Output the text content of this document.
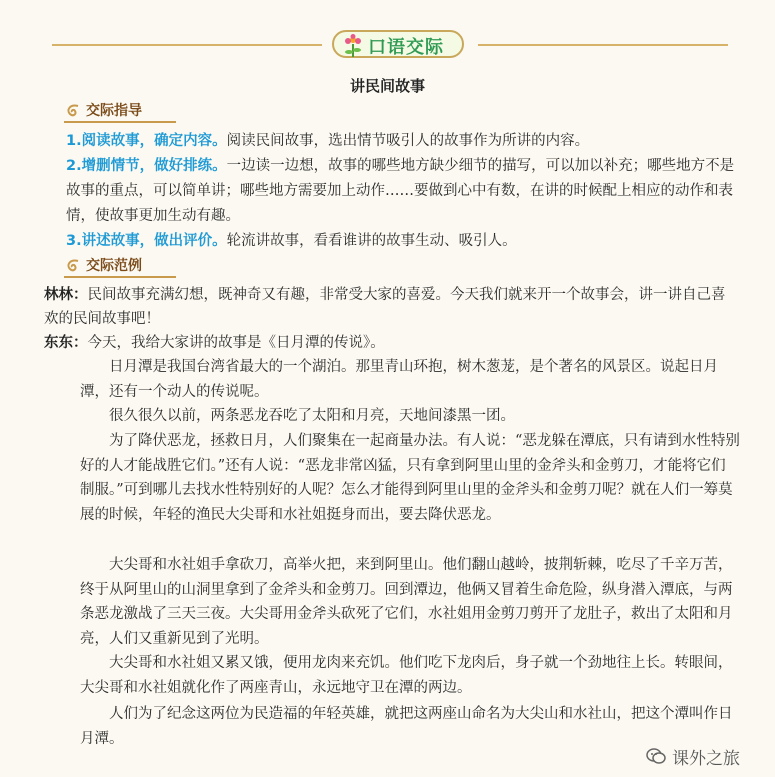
口语交际
讲民间故事
交际指导
1.阅读故事，确定内容。阅读民间故事，选出情节吸引人的故事作为所讲的内容。
2.增删情节，做好排练。一边读一边想，故事的哪些地方缺少细节的描写，可以加以补充；哪些地方不是故事的重点，可以简单讲；哪些地方需要加上动作……要做到心中有数，在讲的时候配上相应的动作和表情，使故事更加生动有趣。
3.讲述故事，做出评价。轮流讲故事，看看谁讲的故事生动、吸引人。
交际范例
林林：民间故事充满幻想，既神奇又有趣，非常受大家的喜爱。今天我们就来开一个故事会，讲一讲自己喜欢的民间故事吧！
东东：今天，我给大家讲的故事是《日月潭的传说》。
日月潭是我国台湾省最大的一个湖泊。那里青山环抱，树木葱茏，是个著名的风景区。说起日月潭，还有一个动人的传说呢。
很久很久以前，两条恶龙吞吃了太阳和月亮，天地间漆黑一团。
为了降伏恶龙，拯救日月，人们聚集在一起商量办法。有人说：“恶龙躲在潭底，只有请到水性特别好的人才能战胜它们。”还有人说：“恶龙非常凶猛，只有拿到阿里山里的金斧头和金剪刀，才能将它们制服。”可到哪儿去找水性特别好的人呢？怎么才能得到阿里山里的金斧头和金剪刀呢？就在人们一筹莫展的时候，年轻的渔民大尖哥和水社姐挺身而出，要去降伏恶龙。
大尖哥和水社姐手拿砍刀，高举火把，来到阿里山。他们翻山越岭，披荆斩棘，吃尽了千辛万苦，终于从阿里山的山洞里拿到了金斧头和金剪刀。回到潭边，他俩又冒着生命危险，纵身潜入潭底，与两条恶龙激战了三天三夜。大尖哥用金斧头砍死了它们，水社姐用金剪刀剪开了龙肚子，救出了太阳和月亮，人们又重新见到了光明。
大尖哥和水社姐又累又饿，便用龙肉来充饥。他们吃下龙肉后，身子就一个劲地往上长。转眼间，大尖哥和水社姐就化作了两座青山，永远地守卫在潭的两边。
人们为了纪念这两位为民造福的年轻英雄，就把这两座山命名为大尖山和水社山，把这个潭叫作日月潭。
课外之旅
